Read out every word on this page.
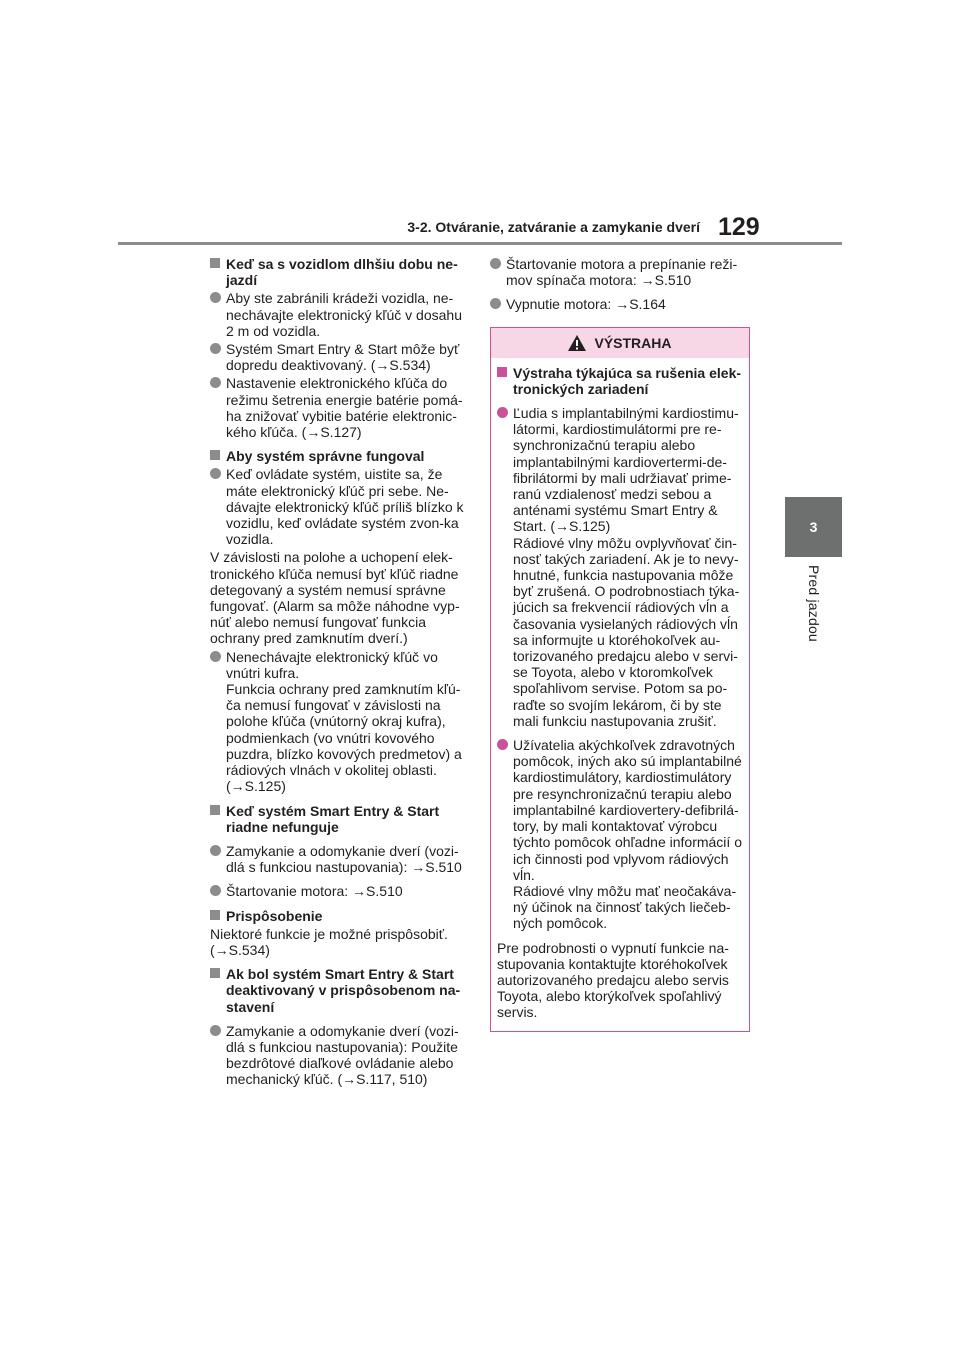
3-2. Otváranie, zatváranie a zamykanie dverí 129
3
Pred jazdou
Keď sa s vozidlom dlhšiu dobu ne-jazdí
Aby ste zabránili krádeži vozidla, ne-nechávajte elektronický kľúč v dosahu 2 m od vozidla.
Systém Smart Entry & Start môže byť dopredu deaktivovaný. (→S.534)
Nastavenie elektronického kľúča do režimu šetrenia energie batérie pomá-ha znižovať vybitie batérie elektronic-kého kľúča. (→S.127)
Aby systém správne fungoval
Keď ovládate systém, uistite sa, že máte elektronický kľúč pri sebe. Ne-dávajte elektronický kľúč príliš blízko k vozidlu, keď ovládate systém zvon-ka vozidla.
V závislosti na polohe a uchopení elek-tronického kľúča nemusí byť kľúč riadne detegovaný a systém nemusí správne fungovať. (Alarm sa môže náhodne vyp-núť alebo nemusí fungovať funkcia ochrany pred zamknutím dverí.)
Nenechávajte elektronický kľúč vo vnútri kufra.
Funkcia ochrany pred zamknutím kľú-ča nemusí fungovať v závislosti na polohe kľúča (vnútorný okraj kufra), podmienkach (vo vnútri kovového puzdra, blízko kovových predmetov) a rádiových vlnách v okolitej oblasti. (→S.125)
Keď systém Smart Entry & Start riadne nefunguje
Zamykanie a odomykanie dverí (vozi-dlá s funkciou nastupovania): →S.510
Štartovanie motora: →S.510
Prispôsobenie
Niektoré funkcie je možné prispôsobiť. (→S.534)
Ak bol systém Smart Entry & Start deaktivovaný v prispôsobenom na-stavení
Zamykanie a odomykanie dverí (vozi-dlá s funkciou nastupovania): Použite bezdrôtové diaľkové ovládanie alebo mechanický kľúč. (→S.117, 510)
Štartovanie motora a prepínanie reži-mov spínača motora: →S.510
Vypnutie motora: →S.164
VÝSTRAHA
Výstraha týkajúca sa rušenia elek-tronických zariadení
Ľudia s implantabilnými kardiostimu-látormi, kardiostimulátormi pre re-synchronizačnú terapiu alebo implantabilnými kardiovertermi-de-fibrilátormi by mali udržiavať prime-ranú vzdialenosť medzi sebou a anténami systému Smart Entry & Start. (→S.125)
Rádiové vlny môžu ovplyvňovať čin-nosť takých zariadení. Ak je to nevy-hnutné, funkcia nastupovania môže byť zrušená. O podrobnostiach týka-júcich sa frekvencií rádiových vĺn a časovania vysielaných rádiových vĺn sa informujte u ktoréhokoľvek au-torizovaného predajcu alebo v servi-se Toyota, alebo v ktoromkoľvek spoľahlivom servise. Potom sa po-raďte so svojím lekárom, či by ste mali funkciu nastupovania zrušiť.
Užívatelia akýchkoľvek zdravotných pomôcok, iných ako sú implantabilné kardiostimulátory, kardiostimulátory pre resynchronizačnú terapiu alebo implantabilné kardiovertery-defibrilá-tory, by mali kontaktovať výrobcu týchto pomôcok ohľadne informácií o ich činnosti pod vplyvom rádiových vĺn.
Rádiové vlny môžu mať neočakáva-ný účinok na činnosť takých liečeb-ných pomôcok.
Pre podrobnosti o vypnutí funkcie na-stupovania kontaktujte ktoréhokoľvek autorizovaného predajcu alebo servis Toyota, alebo ktorýkoľvek spoľahlivý servis.
